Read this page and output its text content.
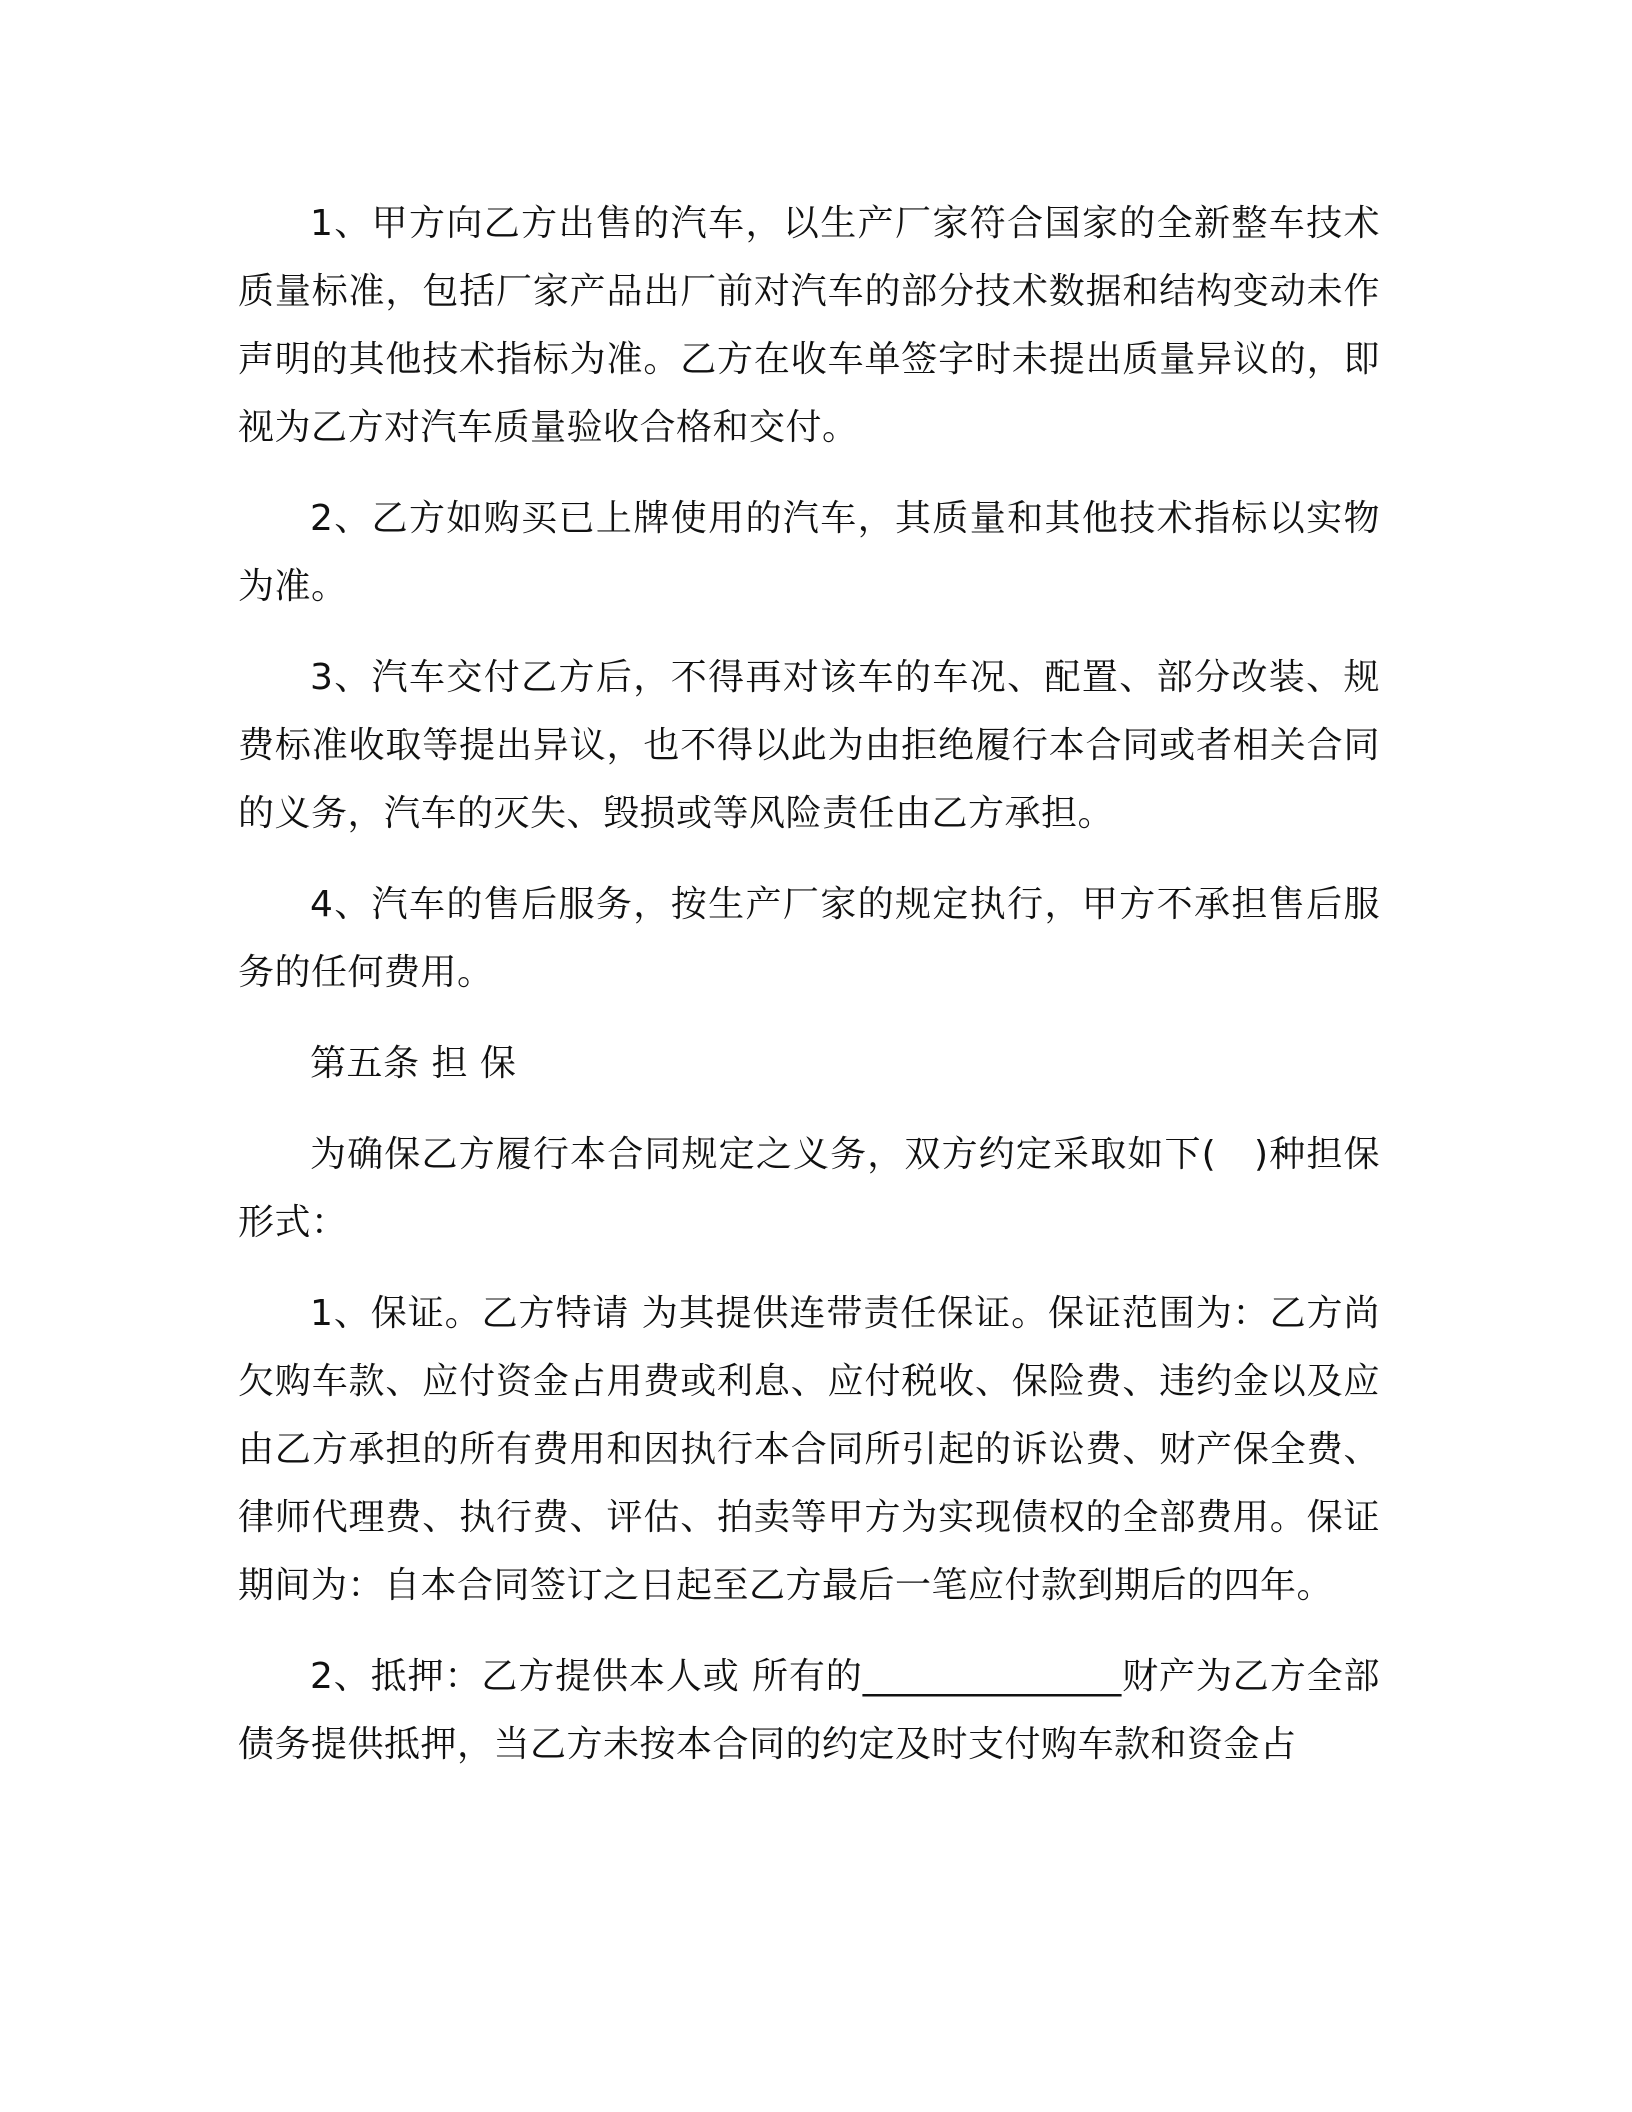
1、甲方向乙方出售的汽车，以生产厂家符合国家的全新整车技术质量标准，包括厂家产品出厂前对汽车的部分技术数据和结构变动未作声明的其他技术指标为准。乙方在收车单签字时未提出质量异议的，即视为乙方对汽车质量验收合格和交付。

2、乙方如购买已上牌使用的汽车，其质量和其他技术指标以实物为准。

3、汽车交付乙方后，不得再对该车的车况、配置、部分改装、规费标准收取等提出异议，也不得以此为由拒绝履行本合同或者相关合同的义务，汽车的灭失、毁损或等风险责任由乙方承担。

4、汽车的售后服务，按生产厂家的规定执行，甲方不承担售后服务的任何费用。

第五条 担 保

为确保乙方履行本合同规定之义务，双方约定采取如下(　)种担保形式：

1、保证。乙方特请 为其提供连带责任保证。保证范围为：乙方尚欠购车款、应付资金占用费或利息、应付税收、保险费、违约金以及应由乙方承担的所有费用和因执行本合同所引起的诉讼费、财产保全费、律师代理费、执行费、评估、拍卖等甲方为实现债权的全部费用。保证期间为：自本合同签订之日起至乙方最后一笔应付款到期后的四年。

2、抵押：乙方提供本人或 所有的______________财产为乙方全部债务提供抵押，当乙方未按本合同的约定及时支付购车款和资金占
